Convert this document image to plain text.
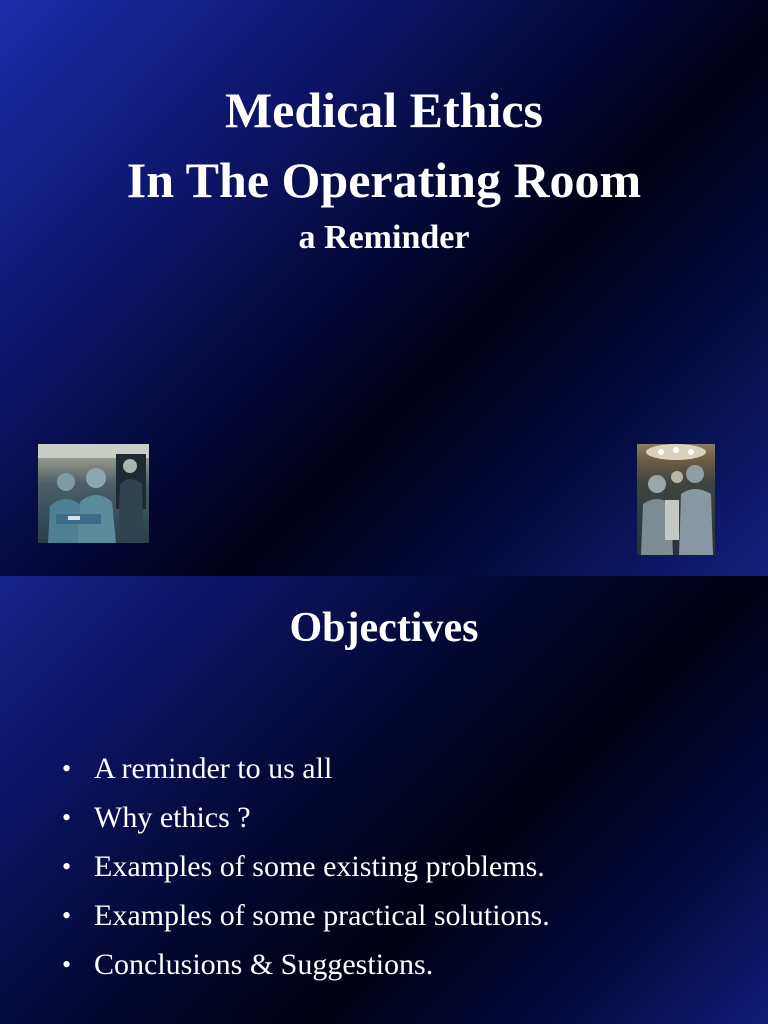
Medical Ethics
In The Operating Room
a Reminder
Objectives
• A reminder to us all
• Why ethics ?
• Examples of some existing problems.
• Examples of some practical solutions.
• Conclusions & Suggestions.
